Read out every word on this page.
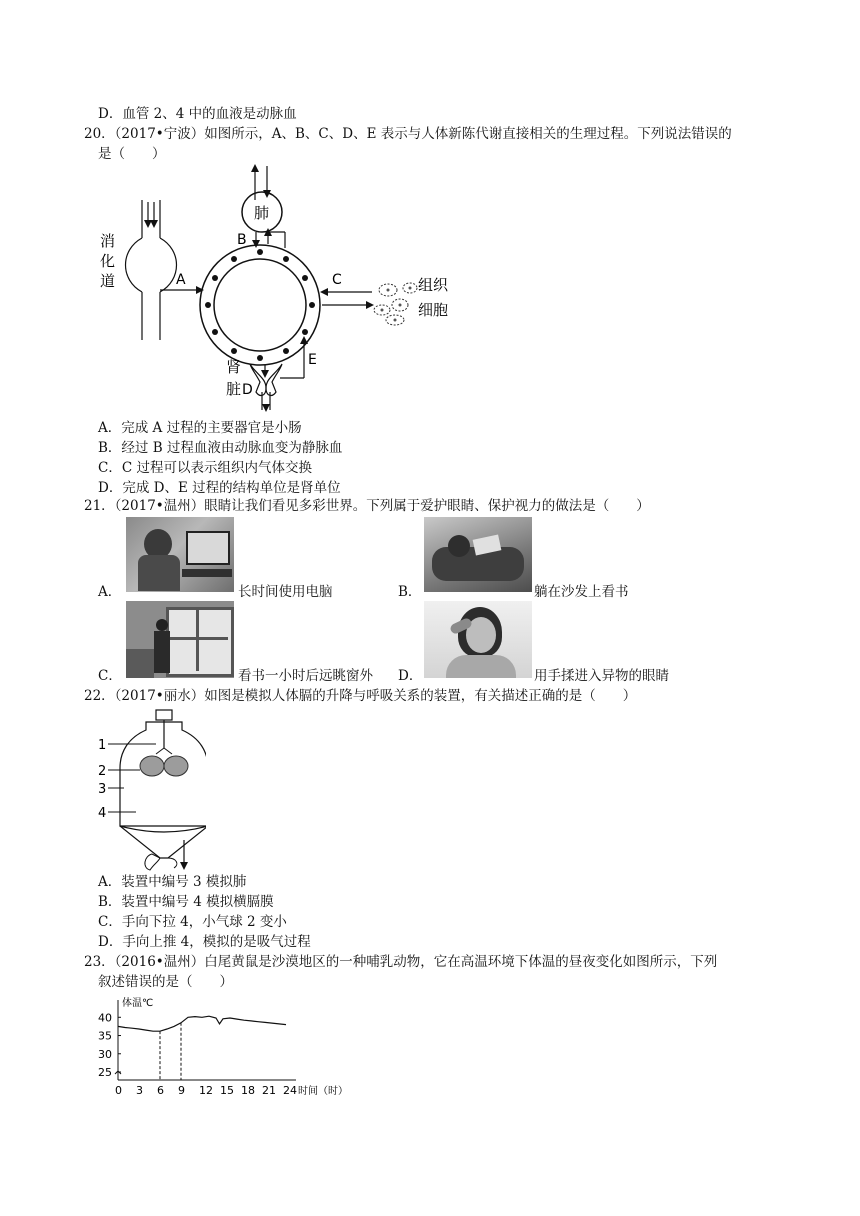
D．血管 2、4 中的血液是动脉血
20．（2017•宁波）如图所示，A、B、C、D、E 表示与人体新陈代谢直接相关的生理过程。下列说法错误的
是（　　）
肺
B
消
化
道	A	C	组织
细胞
肾
脏 D
E
A．完成 A 过程的主要器官是小肠
B．经过 B 过程血液由动脉血变为静脉血
C．C 过程可以表示组织内气体交换
D．完成 D、E 过程的结构单位是肾单位
21．（2017•温州）眼睛让我们看见多彩世界。下列属于爱护眼睛、保护视力的做法是（　　）
A．	长时间使用电脑	B．	躺在沙发上看书
C．	看书一小时后远眺窗外 D．	用手揉进入异物的眼睛
22．（2017•丽水）如图是模拟人体膈的升降与呼吸关系的装置，有关描述正确的是（　　）
1
2
3
4
A．装置中编号 3 模拟肺
B．装置中编号 4 模拟横膈膜
C．手向下拉 4，小气球 2 变小
D．手向上推 4，模拟的是吸气过程
23．（2016•温州）白尾黄鼠是沙漠地区的一种哺乳动物，它在高温环境下体温的昼夜变化如图所示，下列
叙述错误的是（　　）
40
35
30
25
0 3 6 9 12 15 18 21 24
体温℃
时间（时）
